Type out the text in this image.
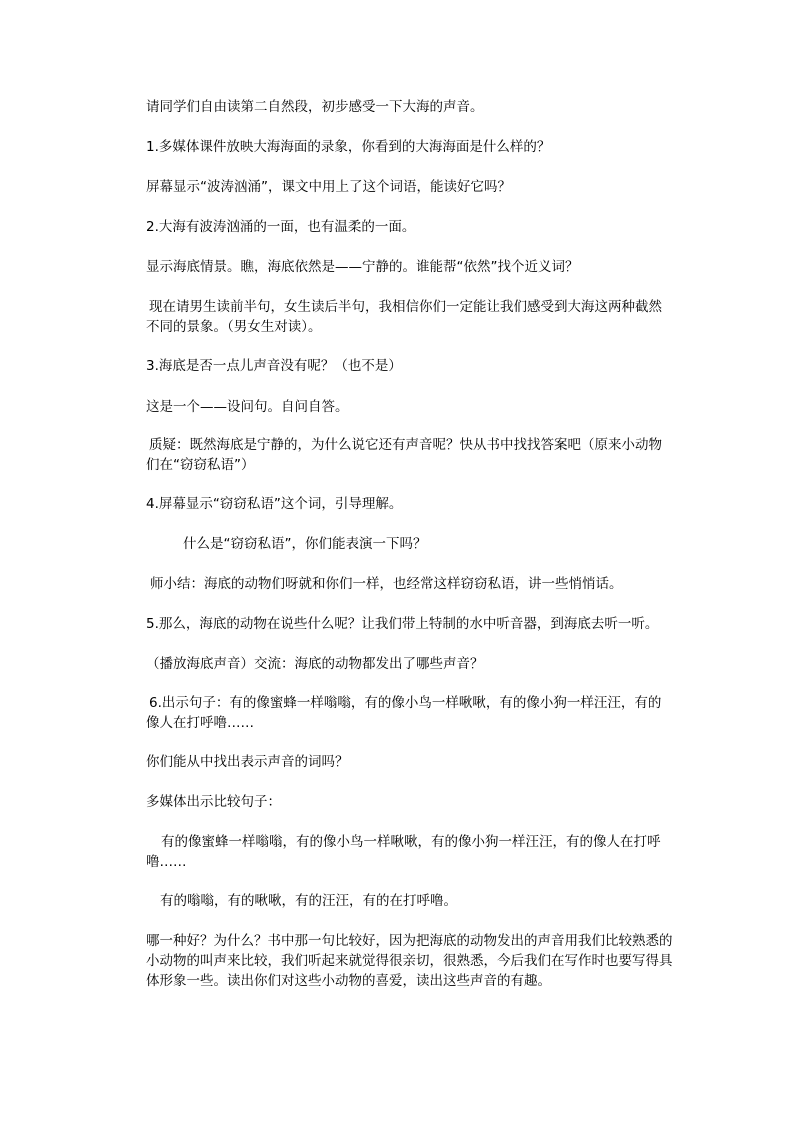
请同学们自由读第二自然段，初步感受一下大海的声音。

1.多媒体课件放映大海海面的录象，你看到的大海海面是什么样的？

屏幕显示“波涛汹涌”，课文中用上了这个词语，能读好它吗？

2.大海有波涛汹涌的一面，也有温柔的一面。

显示海底情景。瞧，海底依然是——宁静的。谁能帮“依然”找个近义词？

现在请男生读前半句，女生读后半句，我相信你们一定能让我们感受到大海这两种截然不同的景象。（男女生对读）。

3.海底是否一点儿声音没有呢？（也不是）

这是一个——设问句。自问自答。

质疑：既然海底是宁静的，为什么说它还有声音呢？快从书中找找答案吧（原来小动物们在“窃窃私语”）

4.屏幕显示“窃窃私语”这个词，引导理解。

什么是“窃窃私语”，你们能表演一下吗？

师小结：海底的动物们呀就和你们一样，也经常这样窃窃私语，讲一些悄悄话。

5.那么，海底的动物在说些什么呢？让我们带上特制的水中听音器，到海底去听一听。

（播放海底声音）交流：海底的动物都发出了哪些声音？

6.出示句子：有的像蜜蜂一样嗡嗡，有的像小鸟一样啾啾，有的像小狗一样汪汪，有的像人在打呼噜……

你们能从中找出表示声音的词吗？

多媒体出示比较句子：

有的像蜜蜂一样嗡嗡，有的像小鸟一样啾啾，有的像小狗一样汪汪，有的像人在打呼噜……

有的嗡嗡，有的啾啾，有的汪汪，有的在打呼噜。

哪一种好？为什么？书中那一句比较好，因为把海底的动物发出的声音用我们比较熟悉的小动物的叫声来比较，我们听起来就觉得很亲切，很熟悉，今后我们在写作时也要写得具体形象一些。读出你们对这些小动物的喜爱，读出这些声音的有趣。
